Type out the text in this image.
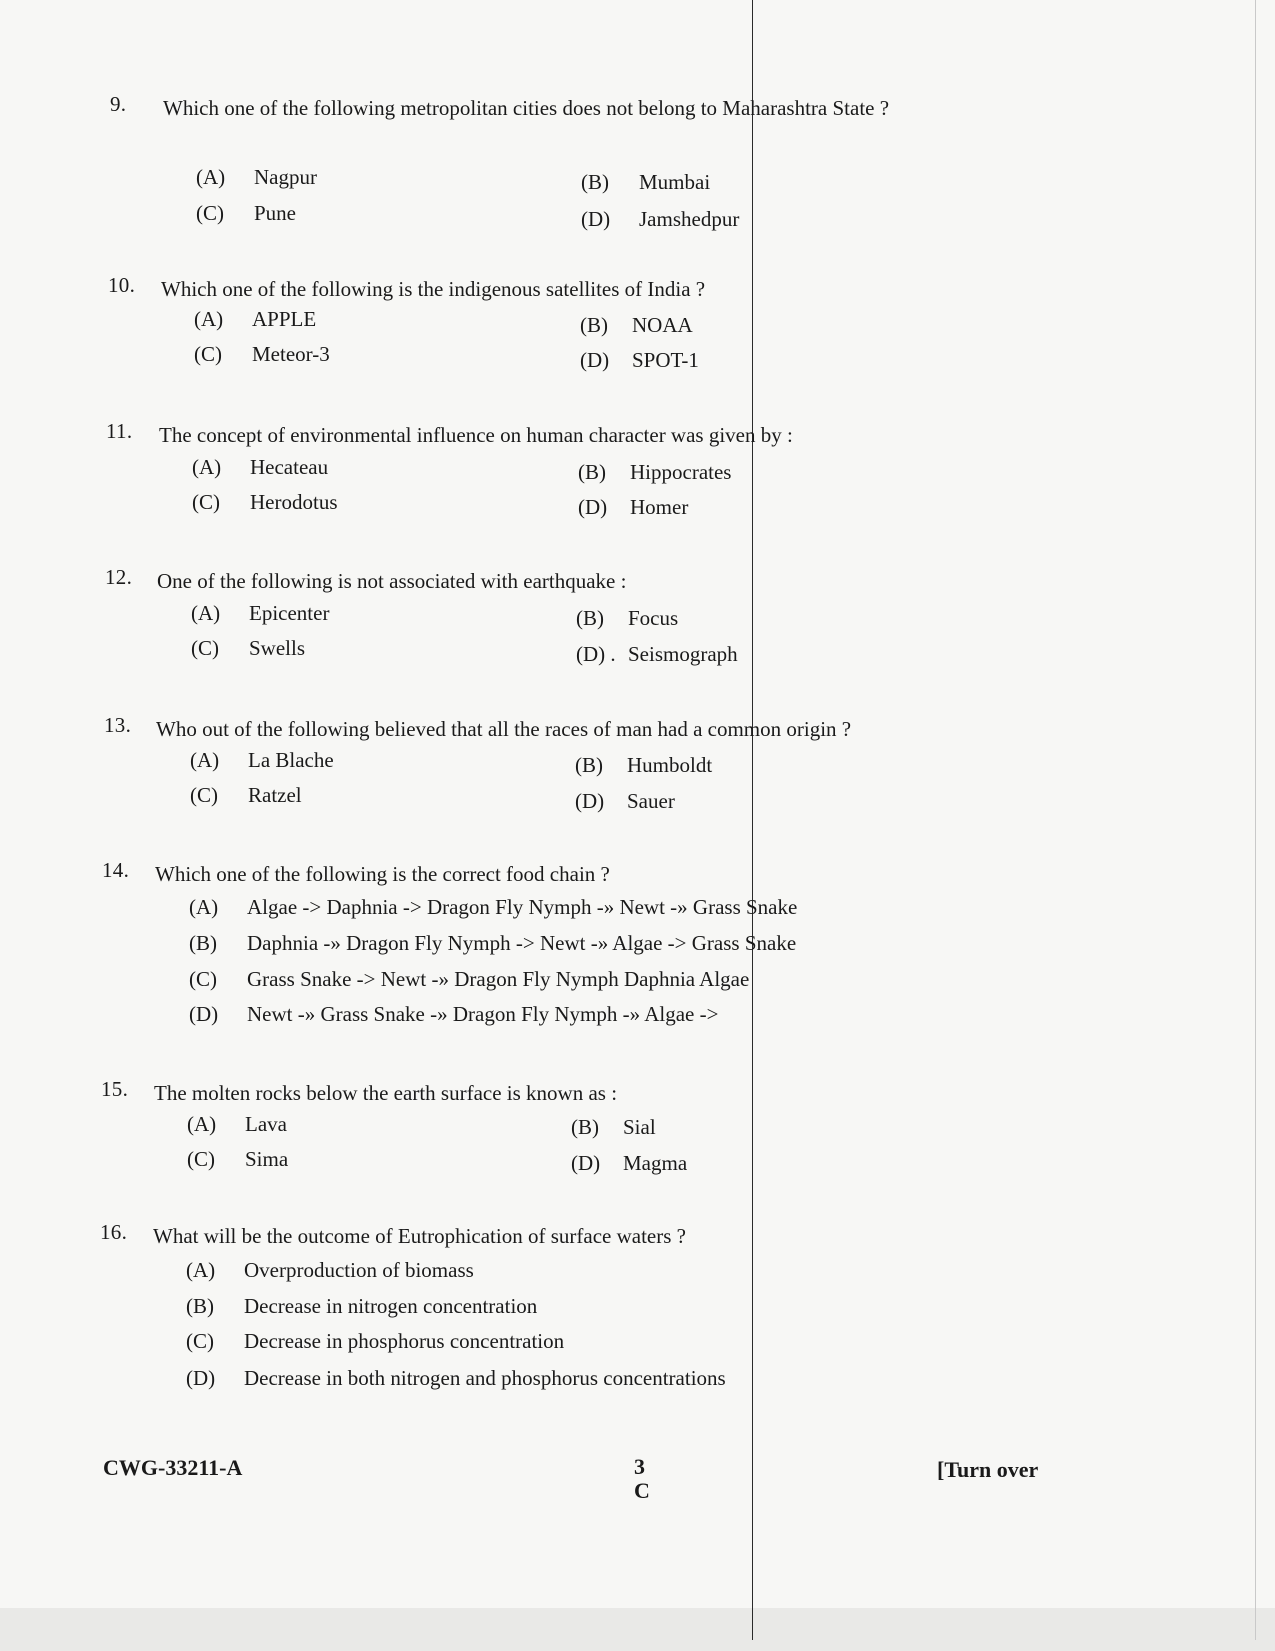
9. Which one of the following metropolitan cities does not belong to Maharashtra State ?
(A) Nagpur	(B) Mumbai
(C) Pune	(D) Jamshedpur
10. Which one of the following is the indigenous satellites of India ?
(A) APPLE	(B) NOAA
(C) Meteor-3	(D) SPOT-1
11. The concept of environmental influence on human character was given by :
(A) Hecateau	(B) Hippocrates
(C) Herodotus	(D) Homer
12. One of the following is not associated with earthquake :
(A) Epicenter	(B) Focus
(C) Swells	(D) . Seismograph
13. Who out of the following believed that all the races of man had a common origin ?
(A) La Blache	(B) Humboldt
(C) Ratzel	(D) Sauer
14. Which one of the following is the correct food chain ?
(A) Algae -> Daphnia -> Dragon Fly Nymph -» Newt -» Grass Snake
(B) Daphnia -» Dragon Fly Nymph -> Newt -» Algae -> Grass Snake
(C) Grass Snake -> Newt -» Dragon Fly Nymph Daphnia Algae
(D) Newt -» Grass Snake -» Dragon Fly Nymph -» Algae ->
15. The molten rocks below the earth surface is known as :
(A) Lava	(B) Sial
(C) Sima	(D) Magma
16. What will be the outcome of Eutrophication of surface waters ?
(A) Overproduction of biomass
(B) Decrease in nitrogen concentration
(C) Decrease in phosphorus concentration
(D) Decrease in both nitrogen and phosphorus concentrations
CWG-33211-A	3
C
[Turn over
